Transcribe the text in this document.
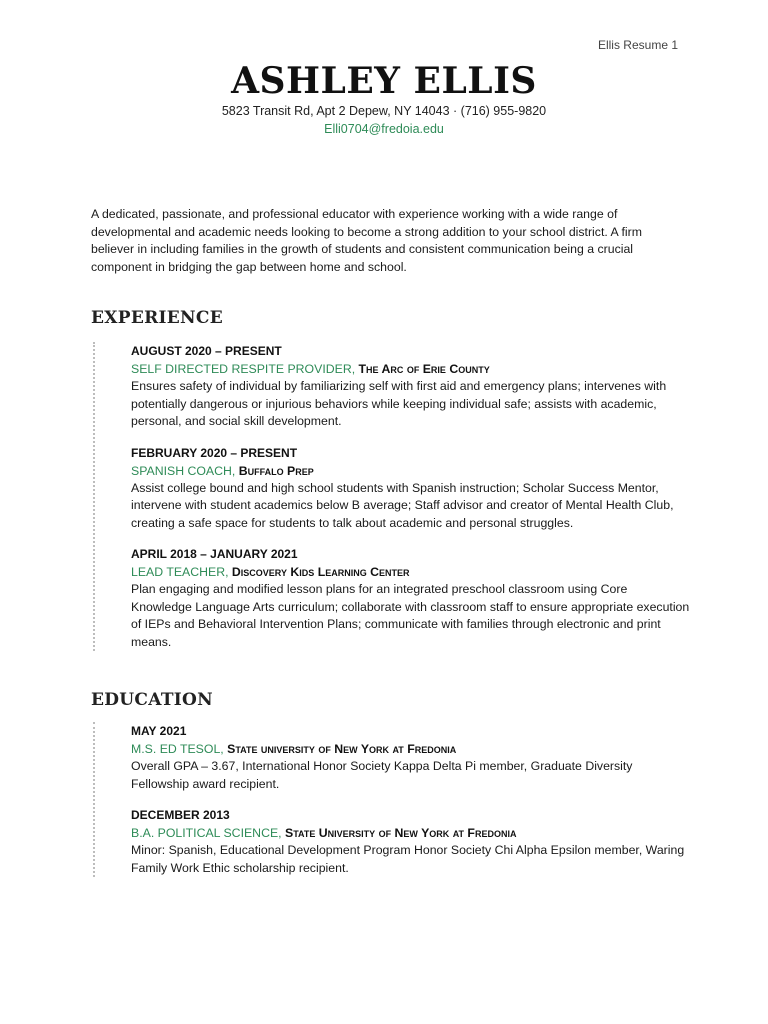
Ellis Resume 1
ASHLEY ELLIS
5823 Transit Rd, Apt 2 Depew, NY 14043 · (716) 955-9820
Elli0704@fredoia.edu
A dedicated, passionate, and professional educator with experience working with a wide range of developmental and academic needs looking to become a strong addition to your school district. A firm believer in including families in the growth of students and consistent communication being a crucial component in bridging the gap between home and school.
EXPERIENCE
AUGUST 2020 – PRESENT
SELF DIRECTED RESPITE PROVIDER, The Arc of Erie County
Ensures safety of individual by familiarizing self with first aid and emergency plans; intervenes with potentially dangerous or injurious behaviors while keeping individual safe; assists with academic, personal, and social skill development.
FEBRUARY 2020 – PRESENT
SPANISH COACH, Buffalo Prep
Assist college bound and high school students with Spanish instruction; Scholar Success Mentor, intervene with student academics below B average; Staff advisor and creator of Mental Health Club, creating a safe space for students to talk about academic and personal struggles.
APRIL 2018 – JANUARY 2021
LEAD TEACHER, Discovery Kids Learning Center
Plan engaging and modified lesson plans for an integrated preschool classroom using Core Knowledge Language Arts curriculum; collaborate with classroom staff to ensure appropriate execution of IEPs and Behavioral Intervention Plans; communicate with families through electronic and print means.
EDUCATION
MAY 2021
M.S. ED TESOL, State university of New York at Fredonia
Overall GPA – 3.67, International Honor Society Kappa Delta Pi member, Graduate Diversity Fellowship award recipient.
DECEMBER 2013
B.A. POLITICAL SCIENCE, State University of New York at Fredonia
Minor: Spanish, Educational Development Program Honor Society Chi Alpha Epsilon member, Waring Family Work Ethic scholarship recipient.
